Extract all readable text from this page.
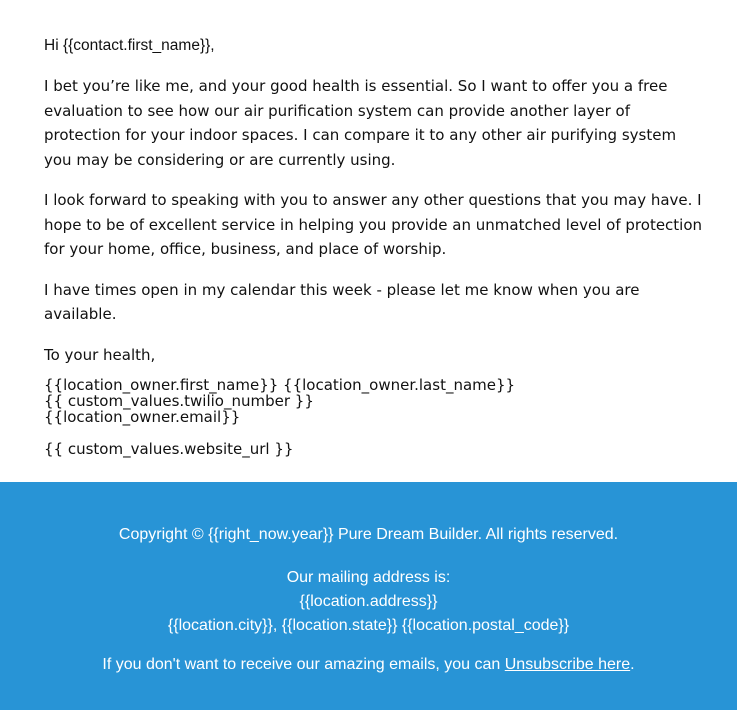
Hi {{contact.first_name}},

I bet you’re like me, and your good health is essential. So I want to offer you a free evaluation to see how our air purification system can provide another layer of protection for your indoor spaces. I can compare it to any other air purifying system you may be considering or are currently using.

I look forward to speaking with you to answer any other questions that you may have. I hope to be of excellent service in helping you provide an unmatched level of protection for your home, office, business, and place of worship.

I have times open in my calendar this week - please let me know when you are available.

To your health,

{{location_owner.first_name}} {{location_owner.last_name}}
{{ custom_values.twilio_number }}
{{location_owner.email}}

{{ custom_values.website_url }}

Copyright © {{right_now.year}} Pure Dream Builder. All rights reserved.

Our mailing address is:
{{location.address}}
{{location.city}}, {{location.state}} {{location.postal_code}}

If you don't want to receive our amazing emails, you can Unsubscribe here.
